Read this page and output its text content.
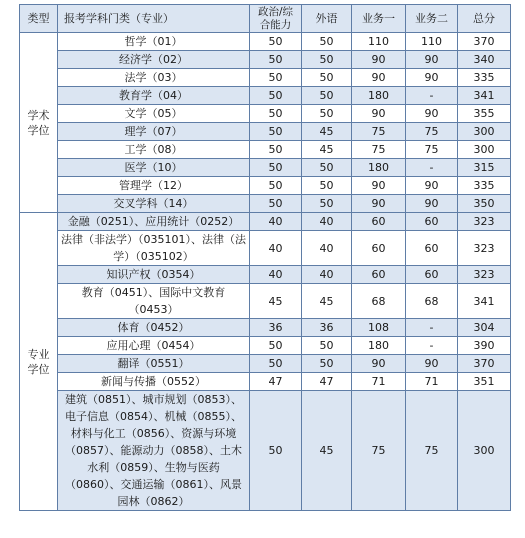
类型	报考学科门类（专业）	政治/综合能力	外语	业务一	业务二	总分

学术学位	哲学（01）	50	50	110	110	370
	经济学（02）	50	50	90	90	340
	法学（03）	50	50	90	90	335
	教育学（04）	50	50	180	-	341
	文学（05）	50	50	90	90	355
	理学（07）	50	45	75	75	300
	工学（08）	50	45	75	75	300
	医学（10）	50	50	180	-	315
	管理学（12）	50	50	90	90	335
	交叉学科（14）	50	50	90	90	350

专业学位	金融（0251）、应用统计（0252）	40	40	60	60	323
	法律（非法学）（035101）、法律（法学）（035102）	40	40	60	60	323
	知识产权（0354）	40	40	60	60	323
	教育（0451）、国际中文教育（0453）	45	45	68	68	341
	体育（0452）	36	36	108	-	304
	应用心理（0454）	50	50	180	-	390
	翻译（0551）	50	50	90	90	370
	新闻与传播（0552）	47	47	71	71	351
	建筑（0851）、城市规划（0853）、电子信息（0854）、机械（0855）、材料与化工（0856）、资源与环境（0857）、能源动力（0858）、土木水利（0859）、生物与医药（0860）、交通运输（0861）、风景园林（0862）	50	45	75	75	300
